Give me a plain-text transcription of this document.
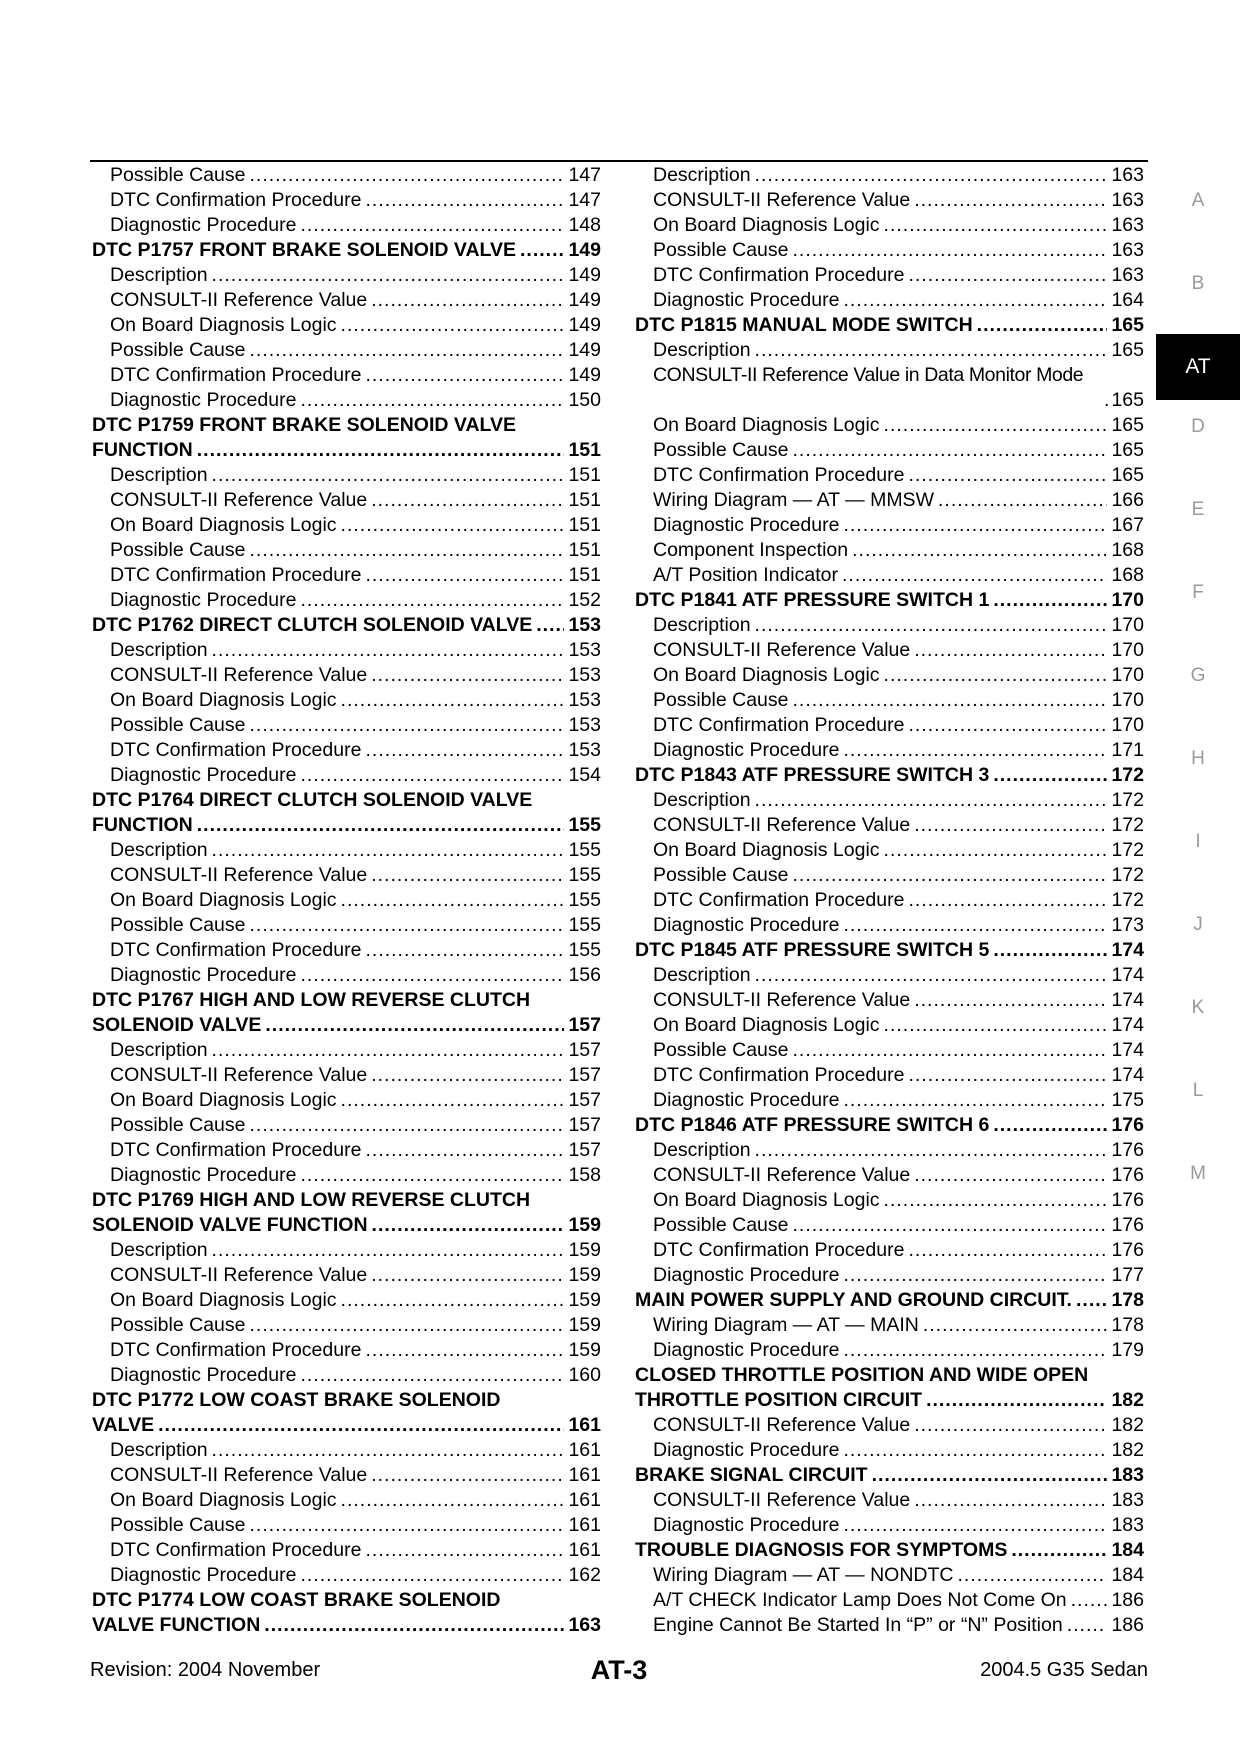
Possible Cause .....	147
DTC Confirmation Procedure .....	147
Diagnostic Procedure .....	148
DTC P1757 FRONT BRAKE SOLENOID VALVE .....	149
Description .....	149
CONSULT-II Reference Value .....	149
On Board Diagnosis Logic .....	149
Possible Cause .....	149
DTC Confirmation Procedure .....	149
Diagnostic Procedure .....	150
DTC P1759 FRONT BRAKE SOLENOID VALVE
FUNCTION .....	151
Description .....	151
CONSULT-II Reference Value .....	151
On Board Diagnosis Logic .....	151
Possible Cause .....	151
DTC Confirmation Procedure .....	151
Diagnostic Procedure .....	152
DTC P1762 DIRECT CLUTCH SOLENOID VALVE ..... 153
Description .....	153
CONSULT-II Reference Value .....	153
On Board Diagnosis Logic .....	153
Possible Cause .....	153
DTC Confirmation Procedure .....	153
Diagnostic Procedure .....	154
DTC P1764 DIRECT CLUTCH SOLENOID VALVE
FUNCTION .....	155
Description .....	155
CONSULT-II Reference Value .....	155
On Board Diagnosis Logic .....	155
Possible Cause .....	155
DTC Confirmation Procedure .....	155
Diagnostic Procedure .....	156
DTC P1767 HIGH AND LOW REVERSE CLUTCH
SOLENOID VALVE .....	157
Description .....	157
CONSULT-II Reference Value .....	157
On Board Diagnosis Logic .....	157
Possible Cause .....	157
DTC Confirmation Procedure .....	157
Diagnostic Procedure .....	158
DTC P1769 HIGH AND LOW REVERSE CLUTCH
SOLENOID VALVE FUNCTION .....	159
Description .....	159
CONSULT-II Reference Value .....	159
On Board Diagnosis Logic .....	159
Possible Cause .....	159
DTC Confirmation Procedure .....	159
Diagnostic Procedure .....	160
DTC P1772 LOW COAST BRAKE SOLENOID
VALVE .....	161
Description .....	161
CONSULT-II Reference Value .....	161
On Board Diagnosis Logic .....	161
Possible Cause .....	161
DTC Confirmation Procedure .....	161
Diagnostic Procedure .....	162
DTC P1774 LOW COAST BRAKE SOLENOID
VALVE FUNCTION .....	163
Description .....	163
CONSULT-II Reference Value .....	163
On Board Diagnosis Logic .....	163
Possible Cause .....	163
DTC Confirmation Procedure .....	163
Diagnostic Procedure .....	164
DTC P1815 MANUAL MODE SWITCH .....	165
Description .....	165
CONSULT-II Reference Value in Data Monitor Mode
. 165
On Board Diagnosis Logic .....	165
Possible Cause .....	165
DTC Confirmation Procedure .....	165
Wiring Diagram — AT — MMSW .....	166
Diagnostic Procedure .....	167
Component Inspection .....	168
A/T Position Indicator .....	168
DTC P1841 ATF PRESSURE SWITCH 1 .....	170
Description .....	170
CONSULT-II Reference Value .....	170
On Board Diagnosis Logic .....	170
Possible Cause .....	170
DTC Confirmation Procedure .....	170
Diagnostic Procedure .....	171
DTC P1843 ATF PRESSURE SWITCH 3 .....	172
Description .....	172
CONSULT-II Reference Value .....	172
On Board Diagnosis Logic .....	172
Possible Cause .....	172
DTC Confirmation Procedure .....	172
Diagnostic Procedure .....	173
DTC P1845 ATF PRESSURE SWITCH 5 .....	174
Description .....	174
CONSULT-II Reference Value .....	174
On Board Diagnosis Logic .....	174
Possible Cause .....	174
DTC Confirmation Procedure .....	174
Diagnostic Procedure .....	175
DTC P1846 ATF PRESSURE SWITCH 6 .....	176
Description .....	176
CONSULT-II Reference Value .....	176
On Board Diagnosis Logic .....	176
Possible Cause .....	176
DTC Confirmation Procedure .....	176
Diagnostic Procedure .....	177
MAIN POWER SUPPLY AND GROUND CIRCUIT. ..... 178
Wiring Diagram — AT — MAIN .....	178
Diagnostic Procedure .....	179
CLOSED THROTTLE POSITION AND WIDE OPEN
THROTTLE POSITION CIRCUIT .....	182
CONSULT-II Reference Value .....	182
Diagnostic Procedure .....	182
BRAKE SIGNAL CIRCUIT .....	183
CONSULT-II Reference Value .....	183
Diagnostic Procedure .....	183
TROUBLE DIAGNOSIS FOR SYMPTOMS .....	184
Wiring Diagram — AT — NONDTC .....	184
A/T CHECK Indicator Lamp Does Not Come On ..... 186
Engine Cannot Be Started In “P” or “N” Position .....	186
A
B
AT
D
E
F
G
H
I
J
K
L
M
Revision: 2004 November	AT-3	2004.5 G35 Sedan
